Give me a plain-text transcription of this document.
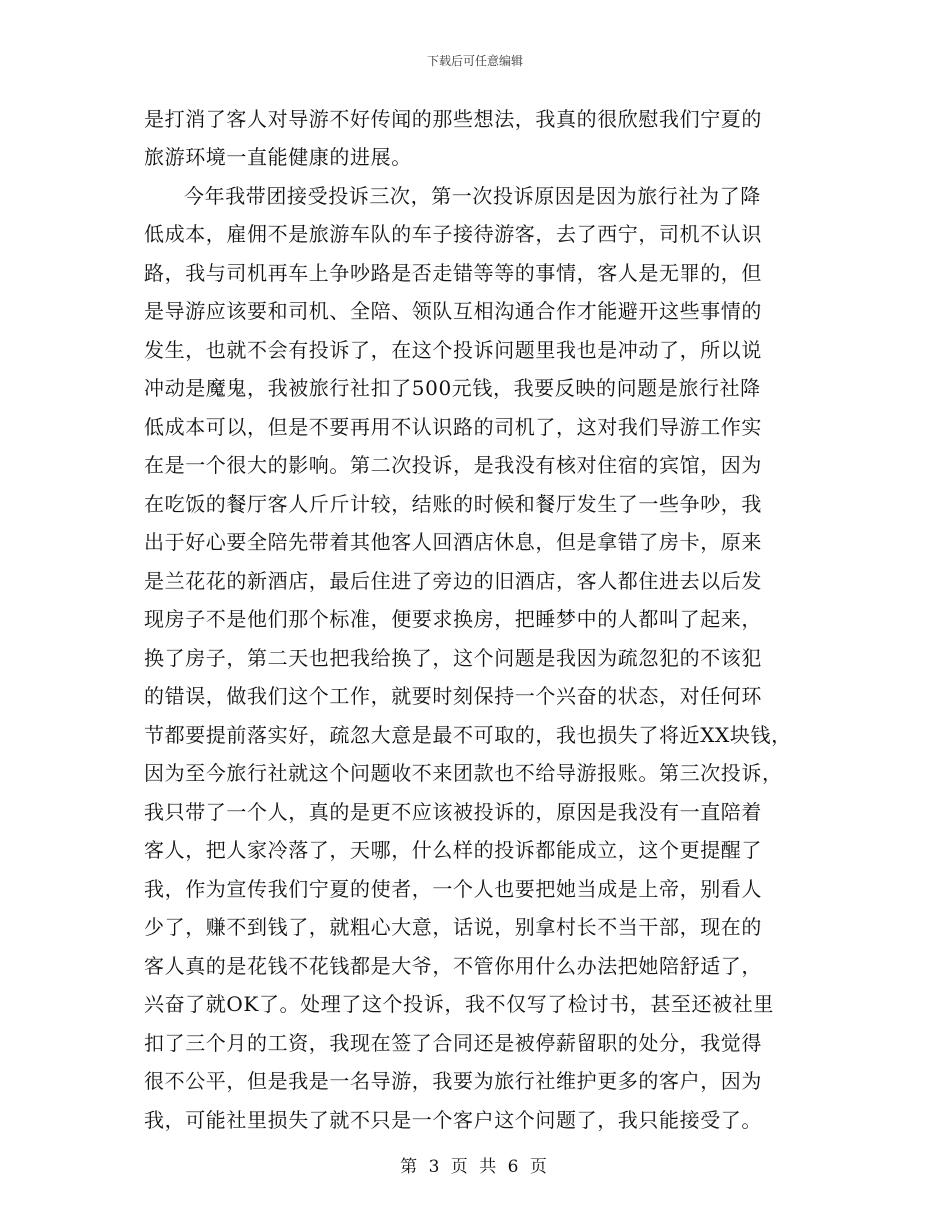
下载后可任意编辑
是打消了客人对导游不好传闻的那些想法，我真的很欣慰我们宁夏的
旅游环境一直能健康的进展。
今年我带团接受投诉三次，第一次投诉原因是因为旅行社为了降
低成本，雇佣不是旅游车队的车子接待游客，去了西宁，司机不认识
路，我与司机再车上争吵路是否走错等等的事情，客人是无罪的，但
是导游应该要和司机、全陪、领队互相沟通合作才能避开这些事情的
发生，也就不会有投诉了，在这个投诉问题里我也是冲动了，所以说
冲动是魔鬼，我被旅行社扣了500元钱，我要反映的问题是旅行社降
低成本可以，但是不要再用不认识路的司机了，这对我们导游工作实
在是一个很大的影响。第二次投诉，是我没有核对住宿的宾馆，因为
在吃饭的餐厅客人斤斤计较，结账的时候和餐厅发生了一些争吵，我
出于好心要全陪先带着其他客人回酒店休息，但是拿错了房卡，原来
是兰花花的新酒店，最后住进了旁边的旧酒店，客人都住进去以后发
现房子不是他们那个标准，便要求换房，把睡梦中的人都叫了起来，
换了房子，第二天也把我给换了，这个问题是我因为疏忽犯的不该犯
的错误，做我们这个工作，就要时刻保持一个兴奋的状态，对任何环
节都要提前落实好，疏忽大意是最不可取的，我也损失了将近XX块钱，
因为至今旅行社就这个问题收不来团款也不给导游报账。第三次投诉，
我只带了一个人，真的是更不应该被投诉的，原因是我没有一直陪着
客人，把人家冷落了，天哪，什么样的投诉都能成立，这个更提醒了
我，作为宣传我们宁夏的使者，一个人也要把她当成是上帝，别看人
少了，赚不到钱了，就粗心大意，话说，别拿村长不当干部，现在的
客人真的是花钱不花钱都是大爷，不管你用什么办法把她陪舒适了，
兴奋了就OK了。处理了这个投诉，我不仅写了检讨书，甚至还被社里
扣了三个月的工资，我现在签了合同还是被停薪留职的处分，我觉得
很不公平，但是我是一名导游，我要为旅行社维护更多的客户，因为
我，可能社里损失了就不只是一个客户这个问题了，我只能接受了。
第 3 页 共 6 页
